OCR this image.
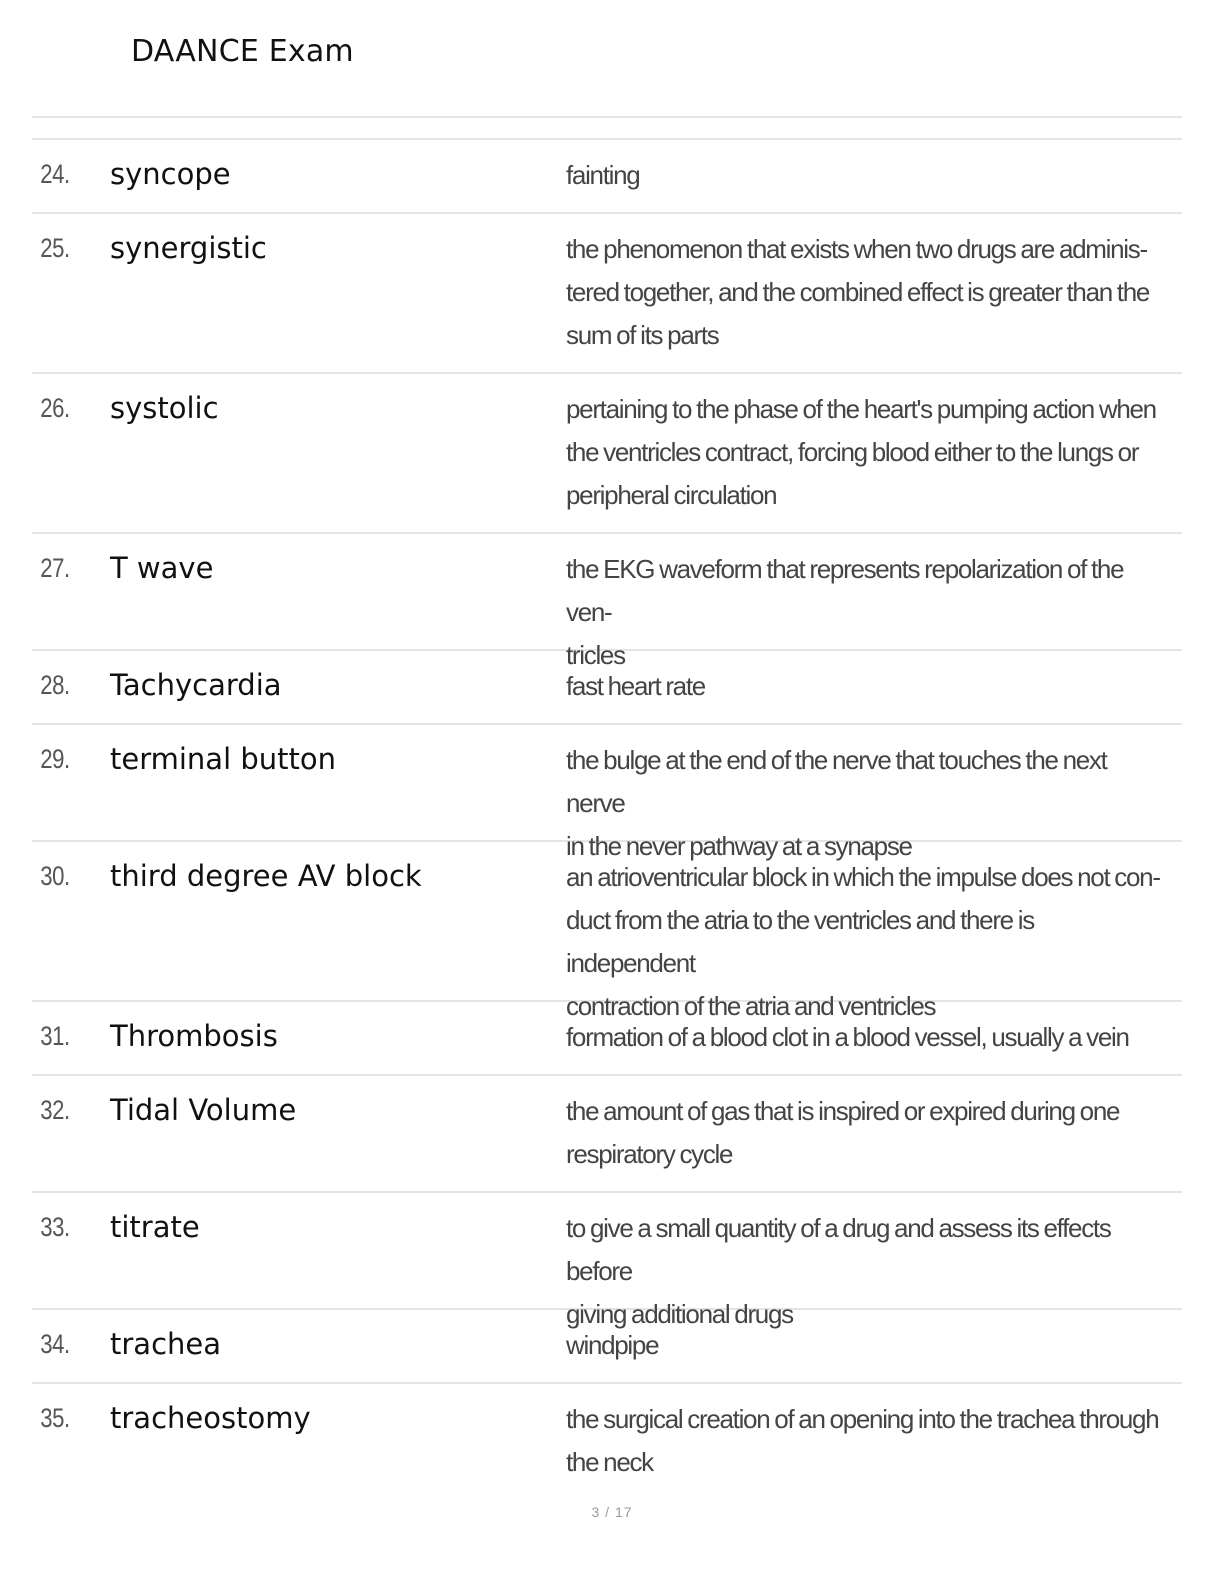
DAANCE Exam
24.	syncope	fainting
25.	synergistic	the phenomenon that exists when two drugs are adminis-
tered together, and the combined effect is greater than the
sum of its parts
26.	systolic	pertaining to the phase of the heart's pumping action when
the ventricles contract, forcing blood either to the lungs or
peripheral circulation
27.	T wave	the EKG waveform that represents repolarization of the ven-
tricles
28.	Tachycardia	fast heart rate
29.	terminal button	the bulge at the end of the nerve that touches the next nerve
in the never pathway at a synapse
30.	third degree AV block	an atrioventricular block in which the impulse does not con-
duct from the atria to the ventricles and there is independent
contraction of the atria and ventricles
31.	Thrombosis	formation of a blood clot in a blood vessel, usually a vein
32.	Tidal Volume	the amount of gas that is inspired or expired during one
respiratory cycle
33.	titrate	to give a small quantity of a drug and assess its effects before
giving additional drugs
34.	trachea	windpipe
35.	tracheostomy	the surgical creation of an opening into the trachea through
the neck
3 / 17
